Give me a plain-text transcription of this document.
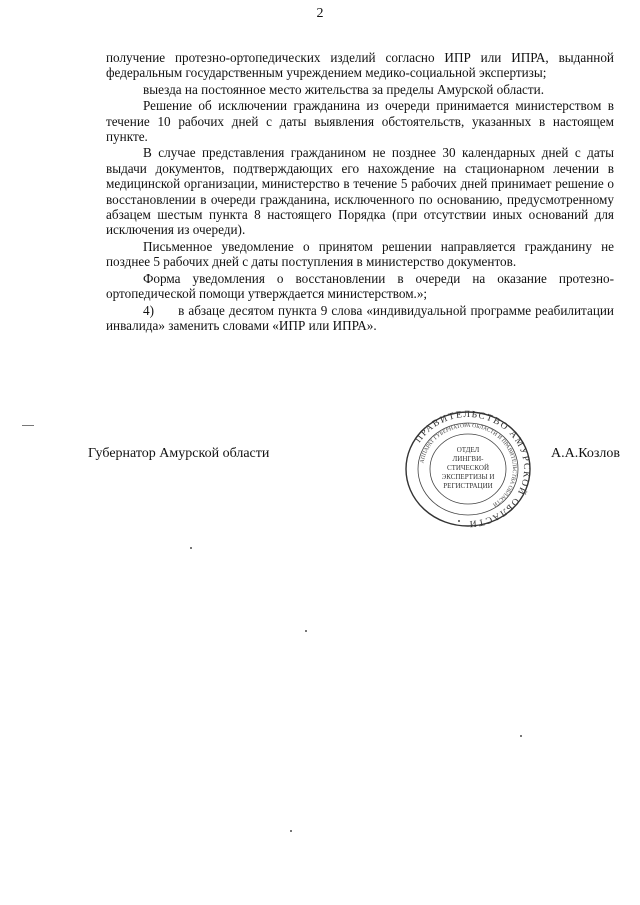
2

получение протезно-ортопедических изделий согласно ИПР или ИПРА, выданной федеральным государственным учреждением медико-социальной экспертизы;

выезда на постоянное место жительства за пределы Амурской области.

Решение об исключении гражданина из очереди принимается министерством в течение 10 рабочих дней с даты выявления обстоятельств, указанных в настоящем пункте.

В случае представления гражданином не позднее 30 календарных дней с даты выдачи документов, подтверждающих его нахождение на стационарном лечении в медицинской организации, министерство в течение 5 рабочих дней принимает решение о восстановлении в очереди гражданина, исключенного по основанию, предусмотренному абзацем шестым пункта 8 настоящего Порядка (при отсутствии иных оснований для исключения из очереди).

Письменное уведомление о принятом решении направляется гражданину не позднее 5 рабочих дней с даты поступления в министерство документов.

Форма уведомления о восстановлении в очереди на оказание протезно-ортопедической помощи утверждается министерством.»;

4)      в абзаце десятом пункта 9 слова «индивидуальной программе реабилитации инвалида» заменить словами «ИПР или ИПРА».

Губернатор Амурской области	А.А.Козлов
ПРАВИТЕЛЬСТВО АМУРСКОЙ ОБЛАСТИ
АППАРАТ ГУБЕРНАТОРА ОБЛАСТИ И ПРАВИТЕЛЬСТВА ОБЛАСТИ
ОТДЕЛ
ЛИНГВИ-
СТИЧЕСКОЙ
ЭКСПЕРТИЗЫ И
РЕГИСТРАЦИИ
